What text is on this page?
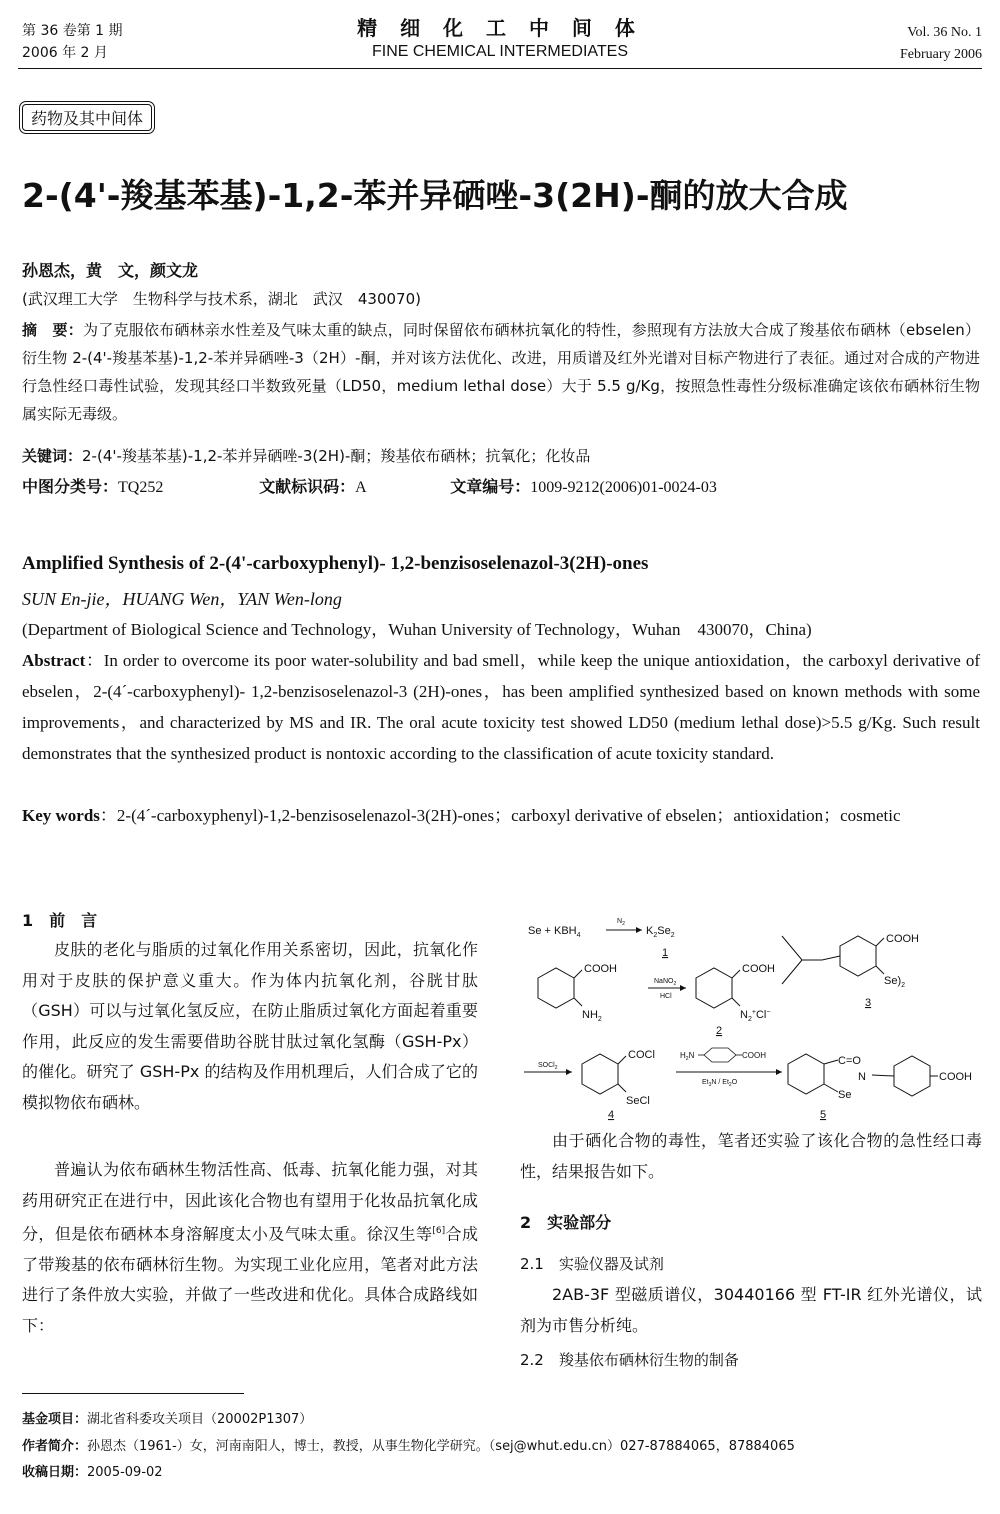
第 36 卷第 1 期
2006 年 2 月
精 细 化 工 中 间 体
FINE CHEMICAL INTERMEDIATES
Vol. 36 No. 1
February 2006
药物及其中间体
2-(4'-羧基苯基)-1,2-苯并异硒唑-3(2H)-酮的放大合成
孙恩杰，黄　文，颜文龙
(武汉理工大学　生物科学与技术系，湖北　武汉　430070)
摘　要：为了克服依布硒林亲水性差及气味太重的缺点，同时保留依布硒林抗氧化的特性，参照现有方法放大合成了羧基依布硒林（ebselen）衍生物 2-(4'-羧基苯基)-1,2-苯并异硒唑-3（2H）-酮，并对该方法优化、改进，用质谱及红外光谱对目标产物进行了表征。通过对合成的产物进行急性经口毒性试验，发现其经口半数致死量（LD50，medium lethal dose）大于 5.5 g/Kg，按照急性毒性分级标准确定该依布硒林衍生物属实际无毒级。
关键词：2-(4'-羧基苯基)-1,2-苯并异硒唑-3(2H)-酮；羧基依布硒林；抗氧化；化妆品
中图分类号：TQ252	文献标识码：A	文章编号：1009-9212(2006)01-0024-03
Amplified Synthesis of 2-(4'-carboxyphenyl)- 1,2-benzisoselenazol-3(2H)-ones
SUN En-jie，HUANG Wen，YAN Wen-long
(Department of Biological Science and Technology，Wuhan University of Technology，Wuhan　430070，China)
Abstract：In order to overcome its poor water-solubility and bad smell，while keep the unique antioxidation，the carboxyl derivative of ebselen，2-(4´-carboxyphenyl)- 1,2-benzisoselenazol-3 (2H)-ones，has been amplified synthesized based on known methods with some improvements，and characterized by MS and IR. The oral acute toxicity test showed LD50 (medium lethal dose)>5.5 g/Kg. Such result demonstrates that the synthesized product is nontoxic according to the classification of acute toxicity standard.
Key words：2-(4´-carboxyphenyl)-1,2-benzisoselenazol-3(2H)-ones；carboxyl derivative of ebselen；antioxidation；cosmetic
1　前　言
皮肤的老化与脂质的过氧化作用关系密切，因此，抗氧化作用对于皮肤的保护意义重大。作为体内抗氧化剂，谷胱甘肽（GSH）可以与过氧化氢反应，在防止脂质过氧化方面起着重要作用，此反应的发生需要借助谷胱甘肽过氧化氢酶（GSH-Px）的催化。研究了 GSH-Px 的结构及作用机理后，人们合成了它的模拟物依布硒林。
普遍认为依布硒林生物活性高、低毒、抗氧化能力强，对其药用研究正在进行中，因此该化合物也有望用于化妆品抗氧化成分，但是依布硒林本身溶解度太小及气味太重。徐汉生等[6]合成了带羧基的依布硒林衍生物。为实现工业化应用，笔者对此方法进行了条件放大实验，并做了一些改进和优化。具体合成路线如下：
$Se + KBH_4$
$N_2$
$K_2Se_2$
1
COOH
$Se)_2$
3
COOH
$NH_2$
NaNO$_2$
HCl
COOH
$N_2^+Cl^-$
2
SOCl$_2$
COCl
SeCl
4
$H_2N$	COOH
$Et_3N / Et_2O$
C=O
N
Se
COOH
5
由于硒化合物的毒性，笔者还实验了该化合物的急性经口毒性，结果报告如下。
2　实验部分
2.1　实验仪器及试剂
2AB-3F 型磁质谱仪，30440166 型 FT-IR 红外光谱仪，试剂为市售分析纯。
2.2　羧基依布硒林衍生物的制备
基金项目：湖北省科委攻关项目（20002P1307）
作者简介：孙恩杰（1961-）女，河南南阳人，博士，教授，从事生物化学研究。（sej@whut.edu.cn）027-87884065，87884065
收稿日期：2005-09-02
